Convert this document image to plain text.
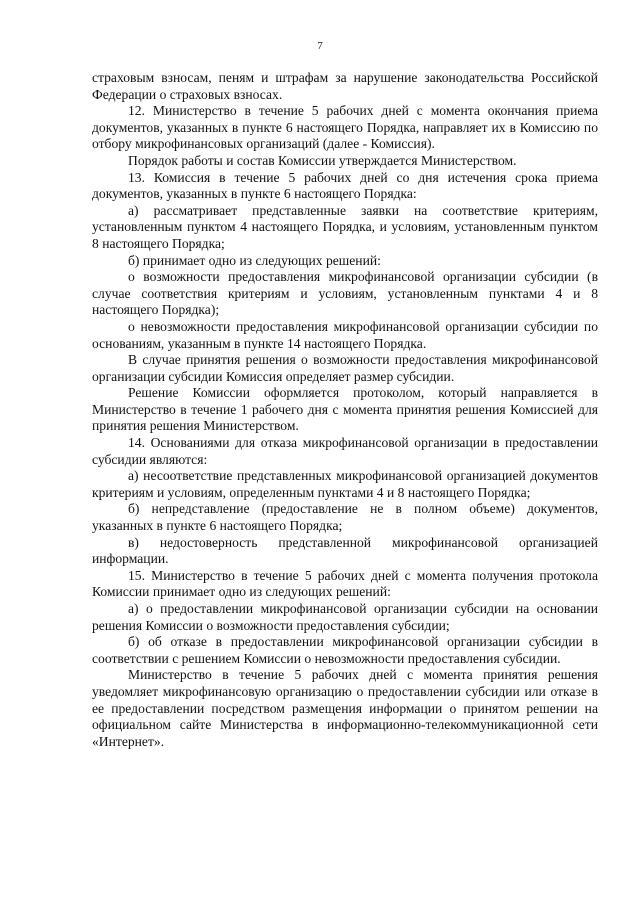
7

страховым взносам, пеням и штрафам за нарушение законодательства Российской Федерации о страховых взносах.

12. Министерство в течение 5 рабочих дней с момента окончания приема документов, указанных в пункте 6 настоящего Порядка, направляет их в Комиссию по отбору микрофинансовых организаций (далее - Комиссия).

Порядок работы и состав Комиссии утверждается Министерством.

13. Комиссия в течение 5 рабочих дней со дня истечения срока приема документов, указанных в пункте 6 настоящего Порядка:

а) рассматривает представленные заявки на соответствие критериям, установленным пунктом 4 настоящего Порядка, и условиям, установленным пунктом 8 настоящего Порядка;

б) принимает одно из следующих решений:

о возможности предоставления микрофинансовой организации субсидии (в случае соответствия критериям и условиям, установленным пунктами 4 и 8 настоящего Порядка);

о невозможности предоставления микрофинансовой организации субсидии по основаниям, указанным в пункте 14 настоящего Порядка.

В случае принятия решения о возможности предоставления микрофинансовой организации субсидии Комиссия определяет размер субсидии.

Решение Комиссии оформляется протоколом, который направляется в Министерство в течение 1 рабочего дня с момента принятия решения Комиссией для принятия решения Министерством.

14. Основаниями для отказа микрофинансовой организации в предоставлении субсидии являются:

а) несоответствие представленных микрофинансовой организацией документов критериям и условиям, определенным пунктами 4 и 8 настоящего Порядка;

б) непредставление (предоставление не в полном объеме) документов, указанных в пункте 6 настоящего Порядка;

в) недостоверность представленной микрофинансовой организацией информации.

15. Министерство в течение 5 рабочих дней с момента получения протокола Комиссии принимает одно из следующих решений:

а) о предоставлении микрофинансовой организации субсидии на основании решения Комиссии о возможности предоставления субсидии;

б) об отказе в предоставлении микрофинансовой организации субсидии в соответствии с решением Комиссии о невозможности предоставления субсидии.

Министерство в течение 5 рабочих дней с момента принятия решения уведомляет микрофинансовую организацию о предоставлении субсидии или отказе в ее предоставлении посредством размещения информации о принятом решении на официальном сайте Министерства в информационно-телекоммуникационной сети «Интернет».
